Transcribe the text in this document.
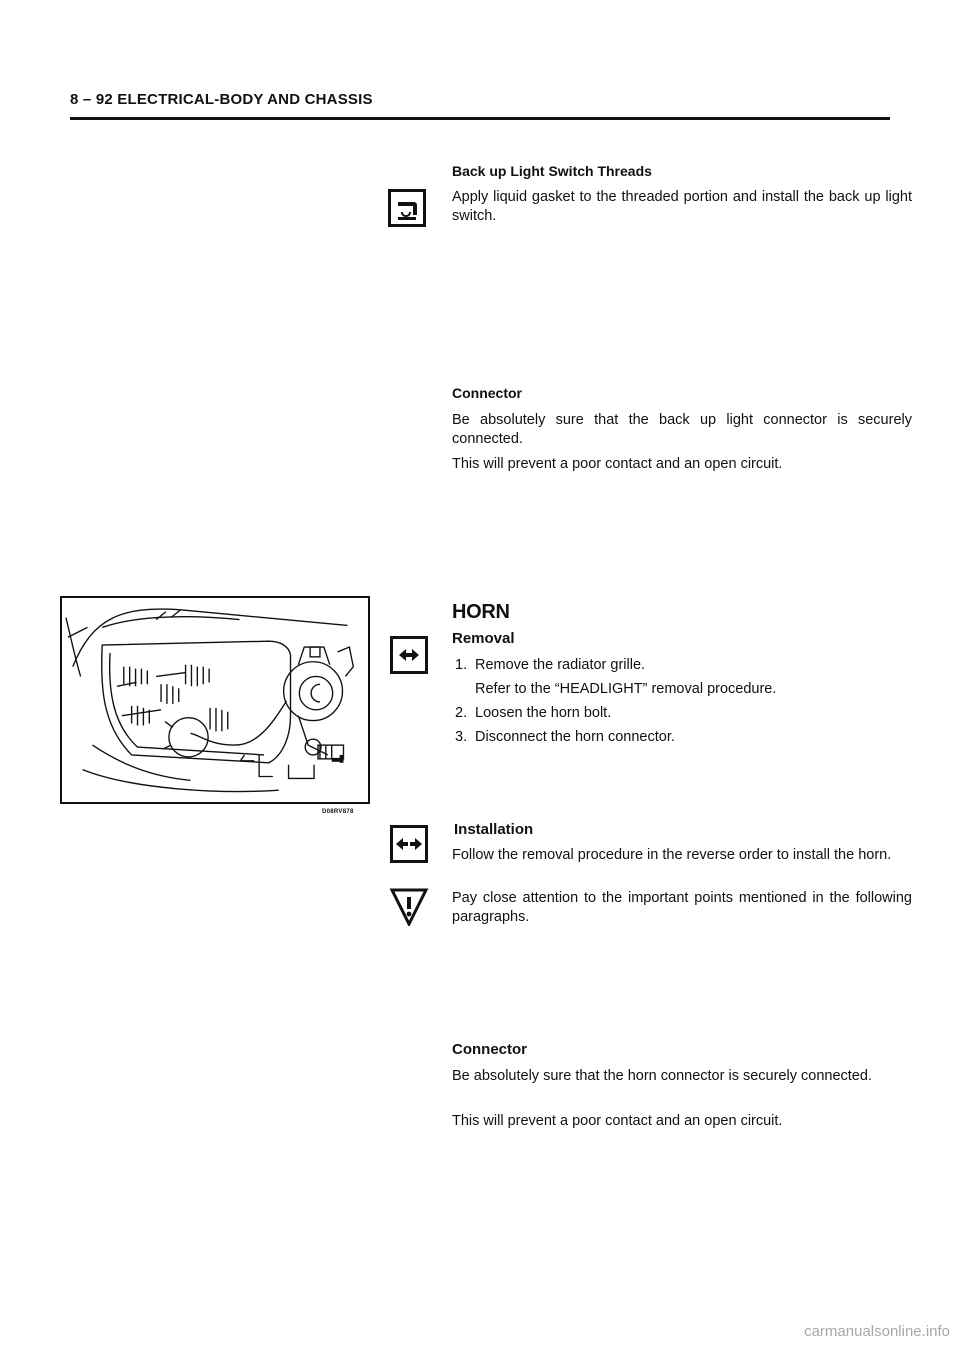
8 – 92 ELECTRICAL-BODY AND CHASSIS
Back up Light Switch Threads
Apply liquid gasket to the threaded portion and install the back up light switch.
Connector
Be absolutely sure that the back up light connector is securely connected.
This will prevent a poor contact and an open circuit.
D08RV878
HORN
Removal
1. Remove the radiator grille.
Refer to the “HEADLIGHT” removal procedure.
2. Loosen the horn bolt.
3. Disconnect the horn connector.
Installation
Follow the removal procedure in the reverse order to install the horn.
Pay close attention to the important points mentioned in the following paragraphs.
Connector
Be absolutely sure that the horn connector is securely connected.
This will prevent a poor contact and an open circuit.
carmanualsonline.info
